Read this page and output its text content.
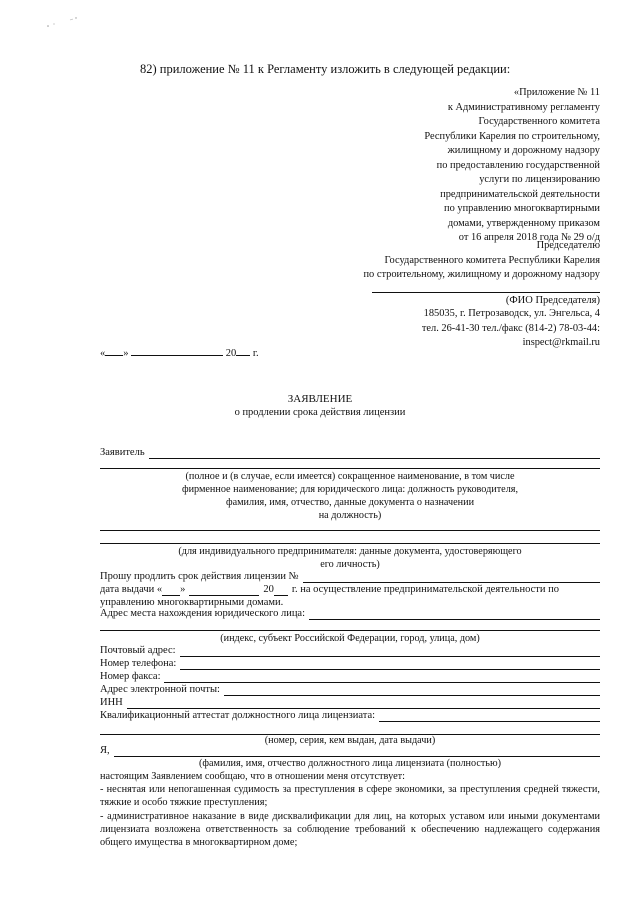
82) приложение № 11 к Регламенту изложить в следующей редакции:
«Приложение № 11
к Административному регламенту
Государственного комитета
Республики Карелия по строительному,
жилищному и дорожному надзору
по предоставлению государственной
услуги по лицензированию
предпринимательской деятельности
по управлению многоквартирными
домами, утвержденному приказом
от 16 апреля 2018 года № 29 о/д
Председателю
Государственного комитета Республики Карелия
по строительному, жилищному и дорожному надзору
(ФИО Председателя)
185035, г. Петрозаводск, ул. Энгельса, 4
тел. 26-41-30 тел./факс (814-2) 78-03-44:
inspect@rkmail.ru
« »	20 г.
ЗАЯВЛЕНИЕ
о продлении срока действия лицензии
Заявитель
(полное и (в случае, если имеется) сокращенное наименование, в том числе
фирменное наименование; для юридического лица: должность руководителя,
фамилия, имя, отчество, данные документа о назначении
на должность)
(для индивидуального предпринимателя: данные документа, удостоверяющего
его личность)
Прошу продлить срок действия лицензии №
дата выдачи « »	20 г. на осуществление предпринимательской деятельности по
управлению многоквартирными домами.
Адрес места нахождения юридического лица:
(индекс, субъект Российской Федерации, город, улица, дом)
Почтовый адрес:
Номер телефона:
Номер факса:
Адрес электронной почты:
ИНН
Квалификационный аттестат должностного лица лицензиата:
(номер, серия, кем выдан, дата выдачи)
Я,
(фамилия, имя, отчество должностного лица лицензиата (полностью)
настоящим Заявлением сообщаю, что в отношении меня отсутствует:
- неснятая или непогашенная судимость за преступления в сфере экономики, за преступления средней тяжести, тяжкие и особо тяжкие преступления;
- административное наказание в виде дисквалификации для лиц, на которых уставом или иными документами лицензиата возложена ответственность за соблюдение требований к обеспечению надлежащего содержания общего имущества в многоквартирном доме;
